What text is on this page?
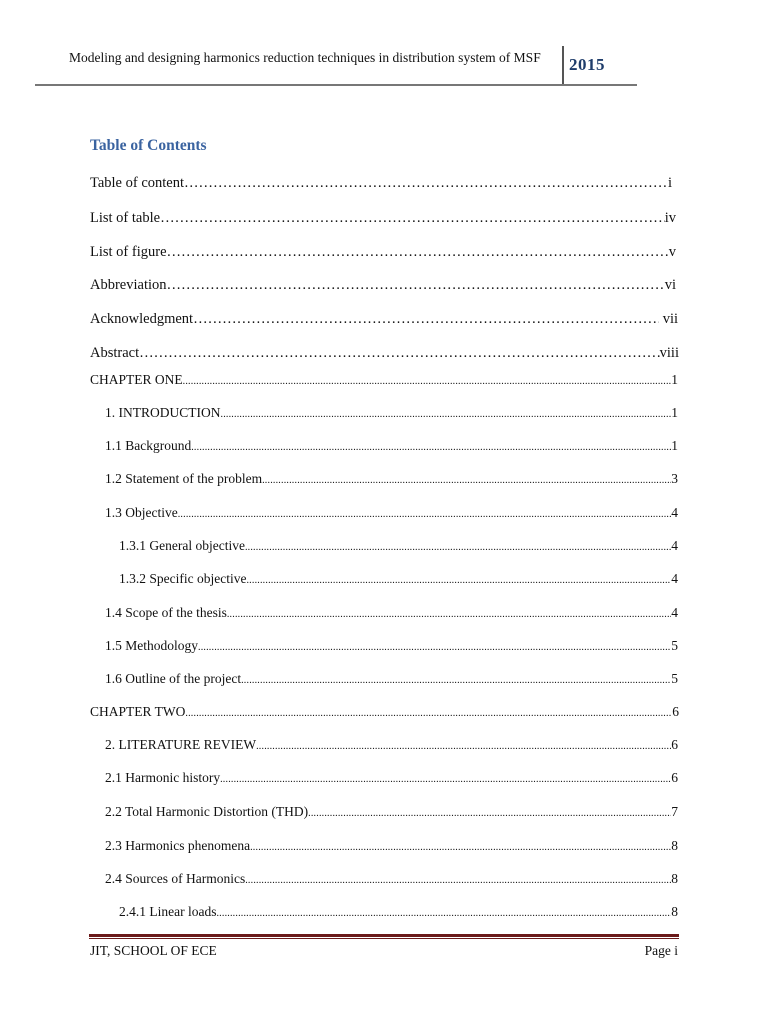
Modeling and designing harmonics reduction techniques in distribution system of MSF 2015
Table of Contents
Table of content ……………………………………………………………………………………………………………………………………………	i
List of table ……………………………………………………………………………………………………………………………………………	iv
List of figure ……………………………………………………………………………………………………………………………………………	v
Abbreviation ……………………………………………………………………………………………………………………………………………	vi
Acknowledgment ……………………………………………………………………………………………………………………………………………	vii
Abstract ……………………………………………………………………………………………………………………………………………	viii
CHAPTER ONE .....	1
1. INTRODUCTION .....	1
1.1 Background .....	1
1.2 Statement of the problem .....	3
1.3 Objective .....	4
1.3.1 General objective .....	4
1.3.2 Specific objective .....	4
1.4 Scope of the thesis .....	4
1.5 Methodology .....	5
1.6 Outline of the project .....	5
CHAPTER TWO .....	6
2. LITERATURE REVIEW .....	6
2.1 Harmonic history .....	6
2.2 Total Harmonic Distortion (THD) .....	7
2.3 Harmonics phenomena .....	8
2.4 Sources of Harmonics .....	8
2.4.1 Linear loads .....	8
JIT, SCHOOL OF ECE	Page i
